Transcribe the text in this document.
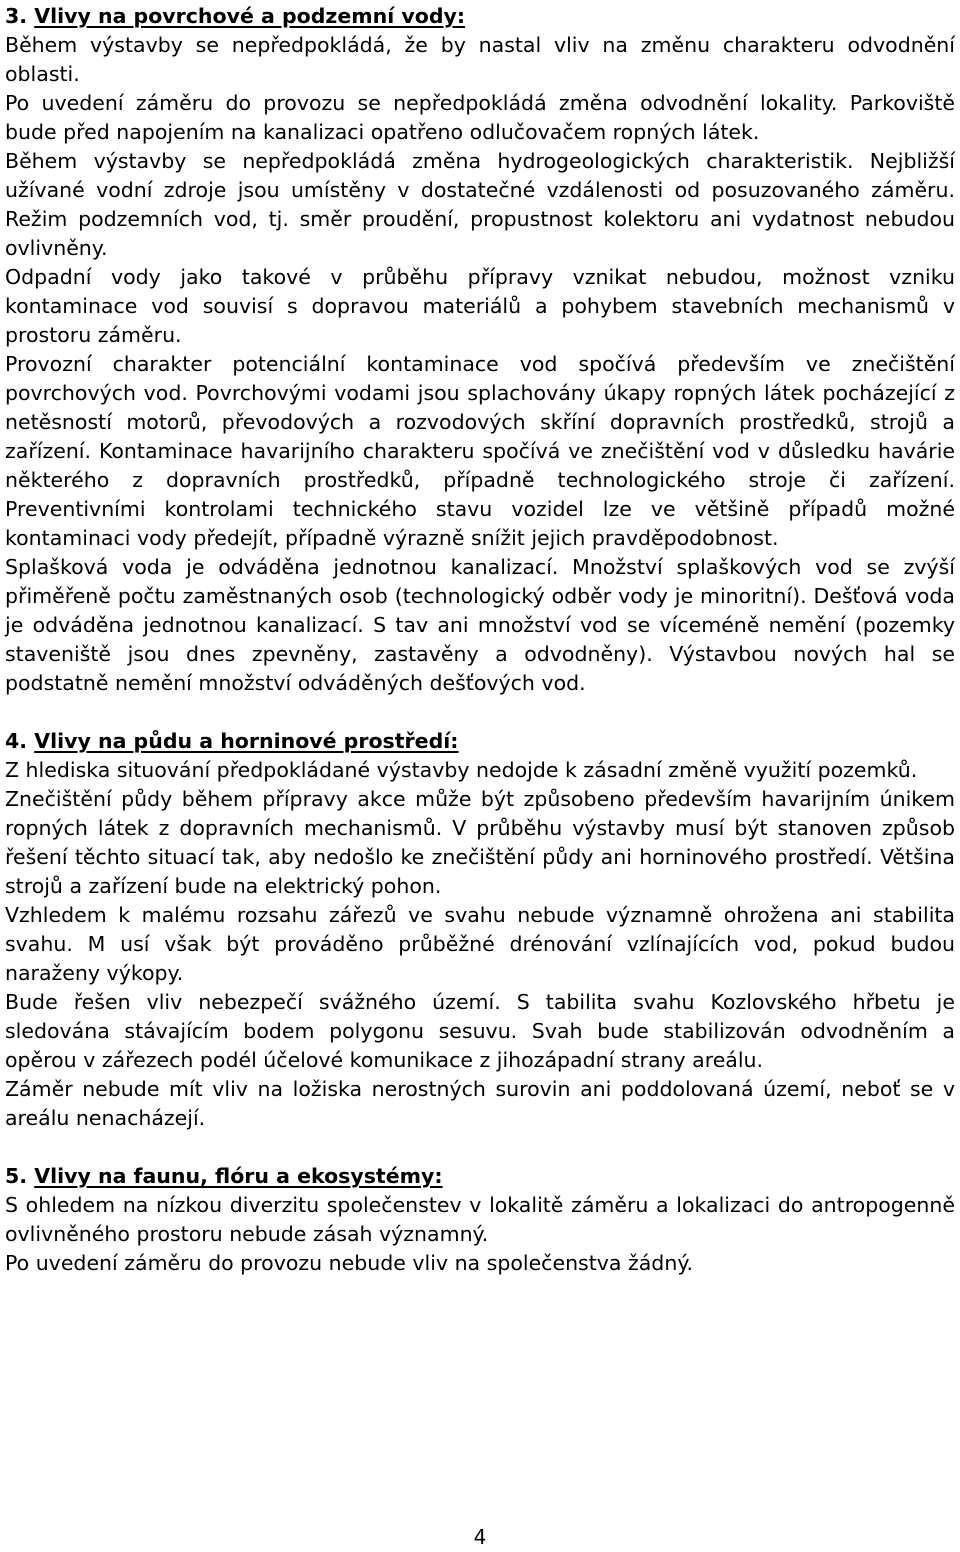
3. Vlivy na povrchové a podzemní vody:

Během výstavby se nepředpokládá, že by nastal vliv na změnu charakteru odvodnění oblasti.

Po uvedení záměru do provozu se nepředpokládá změna odvodnění lokality. Parkoviště bude před napojením na kanalizaci opatřeno odlučovačem ropných látek.

Během výstavby se nepředpokládá změna hydrogeologických charakteristik. Nejbližší užívané vodní zdroje jsou umístěny v dostatečné vzdálenosti od posuzovaného záměru. Režim podzemních vod, tj. směr proudění, propustnost kolektoru ani vydatnost nebudou ovlivněny.

Odpadní vody jako takové v průběhu přípravy vznikat nebudou, možnost vzniku kontaminace vod souvisí s dopravou materiálů a pohybem stavebních mechanismů v prostoru záměru.

Provozní charakter potenciální kontaminace vod spočívá především ve znečištění povrchových vod. Povrchovými vodami jsou splachovány úkapy ropných látek pocházející z netěsností motorů, převodových a rozvodových skříní dopravních prostředků, strojů a zařízení. Kontaminace havarijního charakteru spočívá ve znečištění vod v důsledku havárie některého z dopravních prostředků, případně technologického stroje či zařízení. Preventivními kontrolami technického stavu vozidel lze ve většině případů možné kontaminaci vody předejít, případně výrazně snížit jejich pravděpodobnost.

Splašková voda je odváděna jednotnou kanalizací. Množství splaškových vod se zvýší přiměřeně počtu zaměstnaných osob (technologický odběr vody je minoritní). Dešťová voda je odváděna jednotnou kanalizací. S tav ani množství vod se víceméně nemění (pozemky staveniště jsou dnes zpevněny, zastavěny a odvodněny). Výstavbou nových hal se podstatně nemění množství odváděných dešťových vod.

4. Vlivy na půdu a horninové prostředí:

Z hlediska situování předpokládané výstavby nedojde k zásadní změně využití pozemků.

Znečištění půdy během přípravy akce může být způsobeno především havarijním únikem ropných látek z dopravních mechanismů. V průběhu výstavby musí být stanoven způsob řešení těchto situací tak, aby nedošlo ke znečištění půdy ani horninového prostředí. Většina strojů a zařízení bude na elektrický pohon.

Vzhledem k malému rozsahu zářezů ve svahu nebude významně ohrožena ani stabilita svahu. M usí však být prováděno průběžné drénování vzlínajících vod, pokud budou naraženy výkopy.

Bude řešen vliv nebezpečí svážného území. S tabilita svahu Kozlovského hřbetu je sledována stávajícím bodem polygonu sesuvu. Svah bude stabilizován odvodněním a opěrou v zářezech podél účelové komunikace z jihozápadní strany areálu.

Záměr nebude mít vliv na ložiska nerostných surovin ani poddolovaná území, neboť se v areálu nenacházejí.

5. Vlivy na faunu, flóru a ekosystémy:

S ohledem na nízkou diverzitu společenstev v lokalitě záměru a lokalizaci do antropogenně ovlivněného prostoru nebude zásah významný.

Po uvedení záměru do provozu nebude vliv na společenstva žádný.

4
